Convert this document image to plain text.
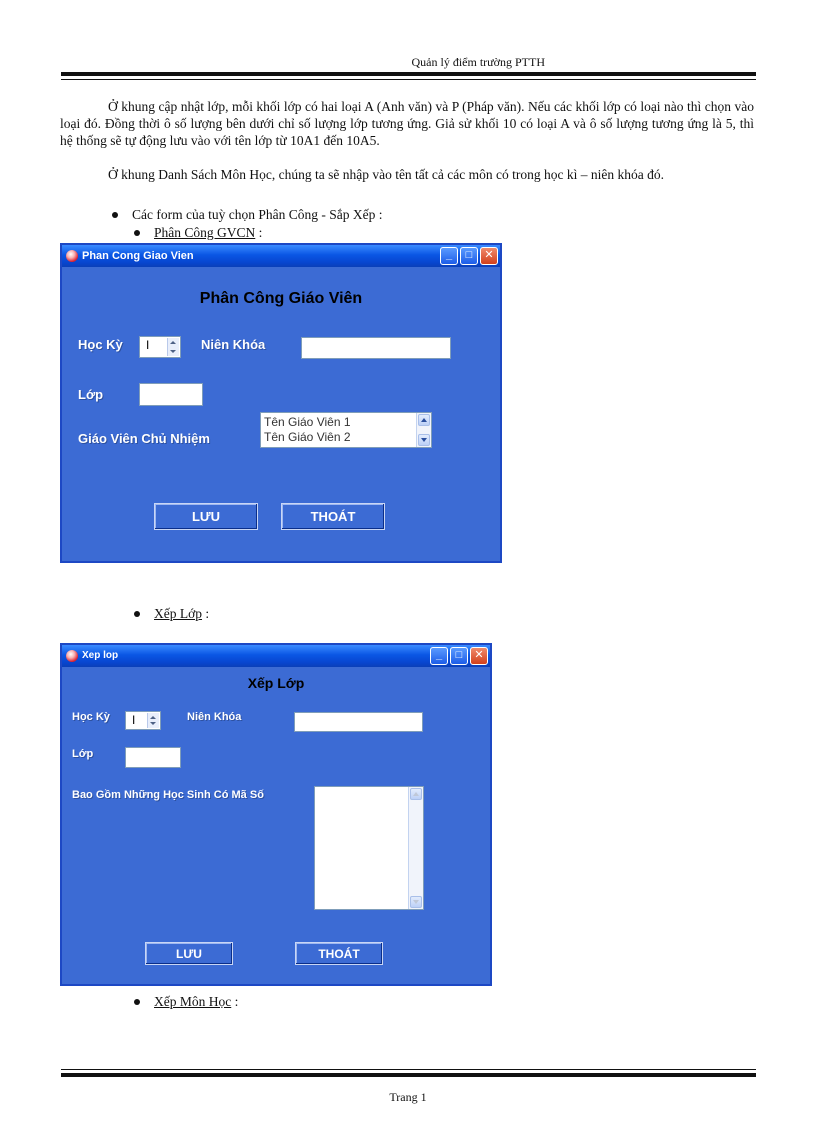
Quản lý điểm trường PTTH

Ở khung cập nhật lớp, mỗi khối lớp có hai loại A (Anh văn) và P (Pháp văn). Nếu các khối lớp có loại nào thì chọn vào loại đó. Đồng thời ô số lượng bên dưới chỉ số lượng lớp tương ứng. Giả sử khối 10 có loại A và ô số lượng tương ứng là 5, thì hệ thống sẽ tự động lưu vào với tên lớp từ 10A1 đến 10A5.

Ở khung Danh Sách Môn Học, chúng ta sẽ nhập vào tên tất cả các môn có trong học kì – niên khóa đó.

Các form của tuỳ chọn Phân Công - Sắp Xếp :
Phân Công GVCN :
Phan Cong Giao Vien	_	□	✕
Phân Công Giáo Viên
Học Kỳ I	Niên Khóa
Lớp
Giáo Viên Chủ Nhiệm
Tên Giáo Viên 1
Tên Giáo Viên 2
LƯU	THOÁT
Xếp Lớp :
Xep lop	_	□	✕
Xếp Lớp
Học Kỳ I	Niên Khóa
Lớp
Bao Gồm Những Học Sinh Có Mã Số
LƯU	THOÁT
Xếp Môn Học :
Trang 1
